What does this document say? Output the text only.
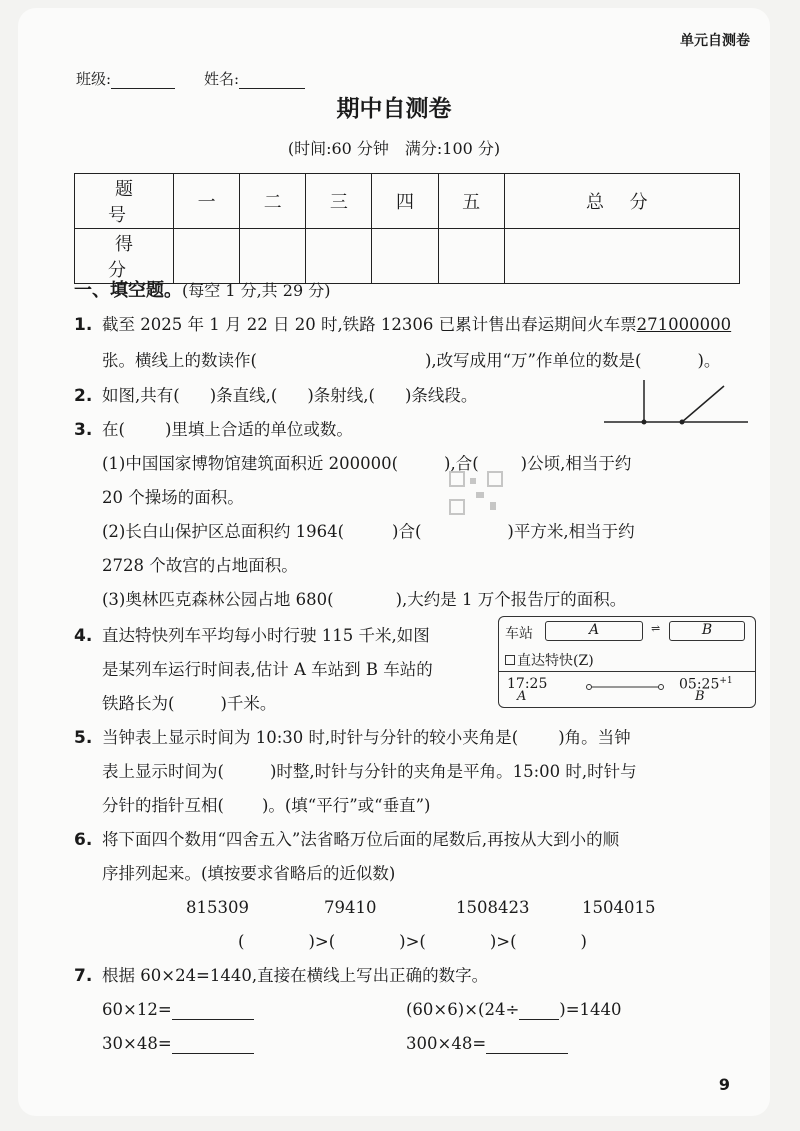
单元自测卷
班级:	姓名:
期中自测卷
(时间:60 分钟　满分:100 分)
题 号	一	二	三	四	五	总 分
得 分						
一、填空题。(每空 1 分,共 29 分)
1. 截至 2025 年 1 月 22 日 20 时,铁路 12306 已累计售出春运期间火车票271000000
张。横线上的数读作(	),改写成用“万”作单位的数是(	)。
2. 如图,共有( )条直线,( )条射线,( )条线段。
3. 在( )里填上合适的单位或数。
(1)中国国家博物馆建筑面积近 200000(	),合(	)公顷,相当于约
20 个操场的面积。
(2)长白山保护区总面积约 1964(	)合(	)平方米,相当于约
2728 个故宫的占地面积。
(3)奥林匹克森林公园占地 680(	),大约是 1 万个报告厅的面积。
4. 直达特快列车平均每小时行驶 115 千米,如图
是某列车运行时间表,估计 A 车站到 B 车站的
铁路长为(	)千米。
车站	A	⇌	B
直达特快(Z)
17:25	$05:25^{+1}$
A	B
5. 当钟表上显示时间为 10:30 时,时针与分针的较小夹角是( )角。当钟
表上显示时间为(	)时整,时针与分针的夹角是平角。15:00 时,时针与
分针的指针互相( )。(填“平行”或“垂直”)
6. 将下面四个数用“四舍五入”法省略万位后面的尾数后,再按从大到小的顺
序排列起来。(填按要求省略后的近似数)
815309	79410	1508423	1504015
(	)>(	)>(	)>(	)
7. 根据 60×24=1440,直接在横线上写出正确的数字。
60×12=	(60×6)×(24÷ )=1440
30×48=	300×48=
9
